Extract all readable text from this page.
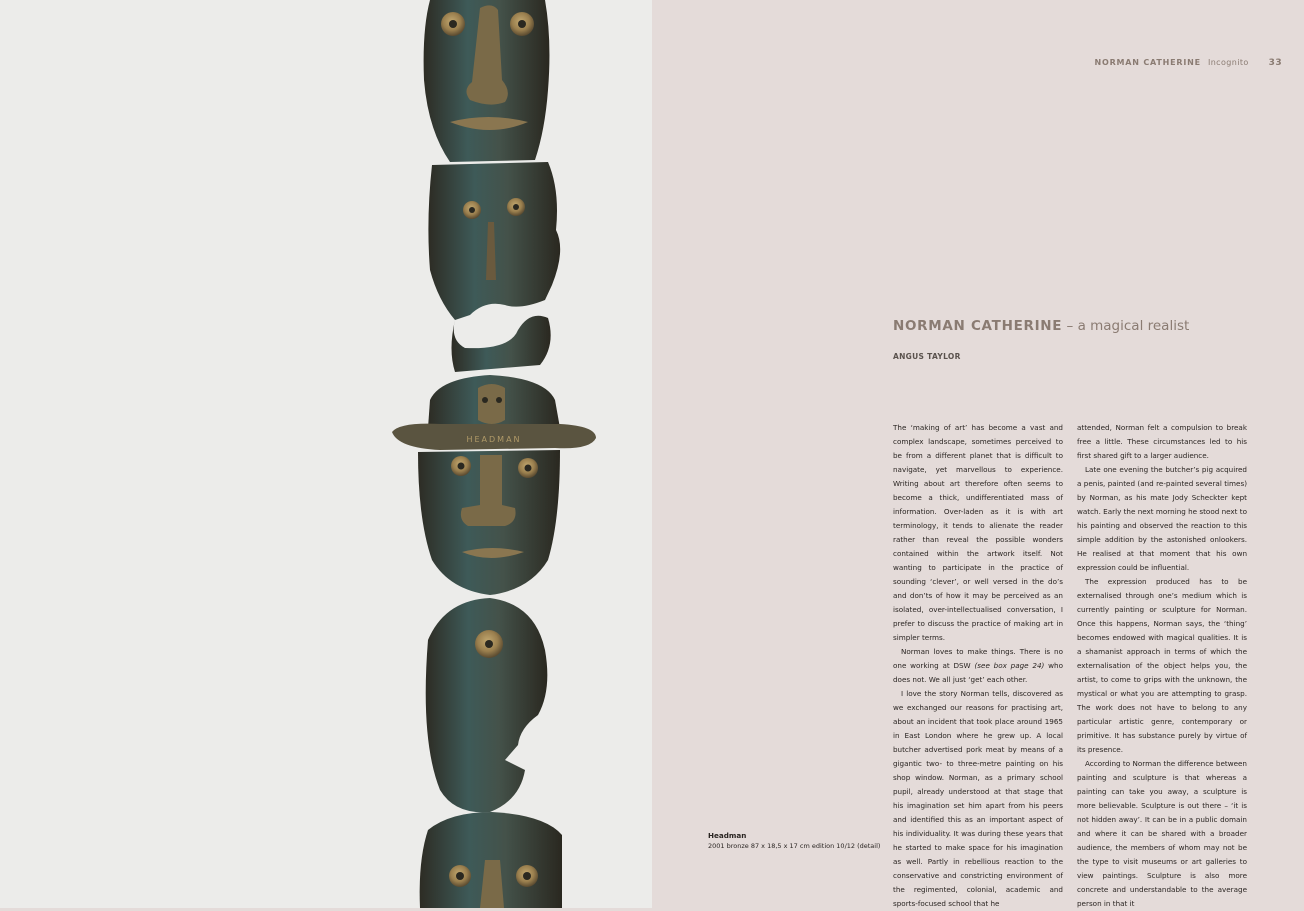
HEADMAN
NORMAN CATHERINE Incognito 33
NORMAN CATHERINE – a magical realist
ANGUS TAYLOR

The ‘making of art’ has become a vast and complex landscape, sometimes perceived to be from a different planet that is difficult to navigate, yet marvellous to experience. Writing about art therefore often seems to become a thick, undifferentiated mass of information. Over-laden as it is with art terminology, it tends to alienate the reader rather than reveal the possible wonders contained within the artwork itself. Not wanting to participate in the practice of sounding ‘clever’, or well versed in the do’s and don’ts of how it may be perceived as an isolated, over-intellectualised conversation, I prefer to discuss the practice of making art in simpler terms.

Norman loves to make things. There is no one working at DSW (see box page 24) who does not. We all just ‘get’ each other.

I love the story Norman tells, discovered as we exchanged our reasons for practising art, about an incident that took place around 1965 in East London where he grew up. A local butcher advertised pork meat by means of a gigantic two- to three-metre painting on his shop window. Norman, as a primary school pupil, already understood at that stage that his imagination set him apart from his peers and identified this as an important aspect of his individuality. It was during these years that he started to make space for his imagination as well. Partly in rebellious reaction to the conservative and constricting environment of the regimented, colonial, academic and sports-focused school that he

attended, Norman felt a compulsion to break free a little. These circumstances led to his first shared gift to a larger audience.

Late one evening the butcher’s pig acquired a penis, painted (and re-painted several times) by Norman, as his mate Jody Scheckter kept watch. Early the next morning he stood next to his painting and observed the reaction to this simple addition by the astonished onlookers. He realised at that moment that his own expression could be influential.

The expression produced has to be externalised through one’s medium which is currently painting or sculpture for Norman. Once this happens, Norman says, the ‘thing’ becomes endowed with magical qualities. It is a shamanist approach in terms of which the externalisation of the object helps you, the artist, to come to grips with the unknown, the mystical or what you are attempting to grasp. The work does not have to belong to any particular artistic genre, contemporary or primitive. It has substance purely by virtue of its presence.

According to Norman the difference between painting and sculpture is that whereas a painting can take you away, a sculpture is more believable. Sculpture is out there – ‘it is not hidden away’. It can be in a public domain and where it can be shared with a broader audience, the members of whom may not be the type to visit museums or art galleries to view paintings. Sculpture is also more concrete and understandable to the average person in that it

Headman
2001 bronze 87 x 18,5 x 17 cm edition 10/12 (detail)
